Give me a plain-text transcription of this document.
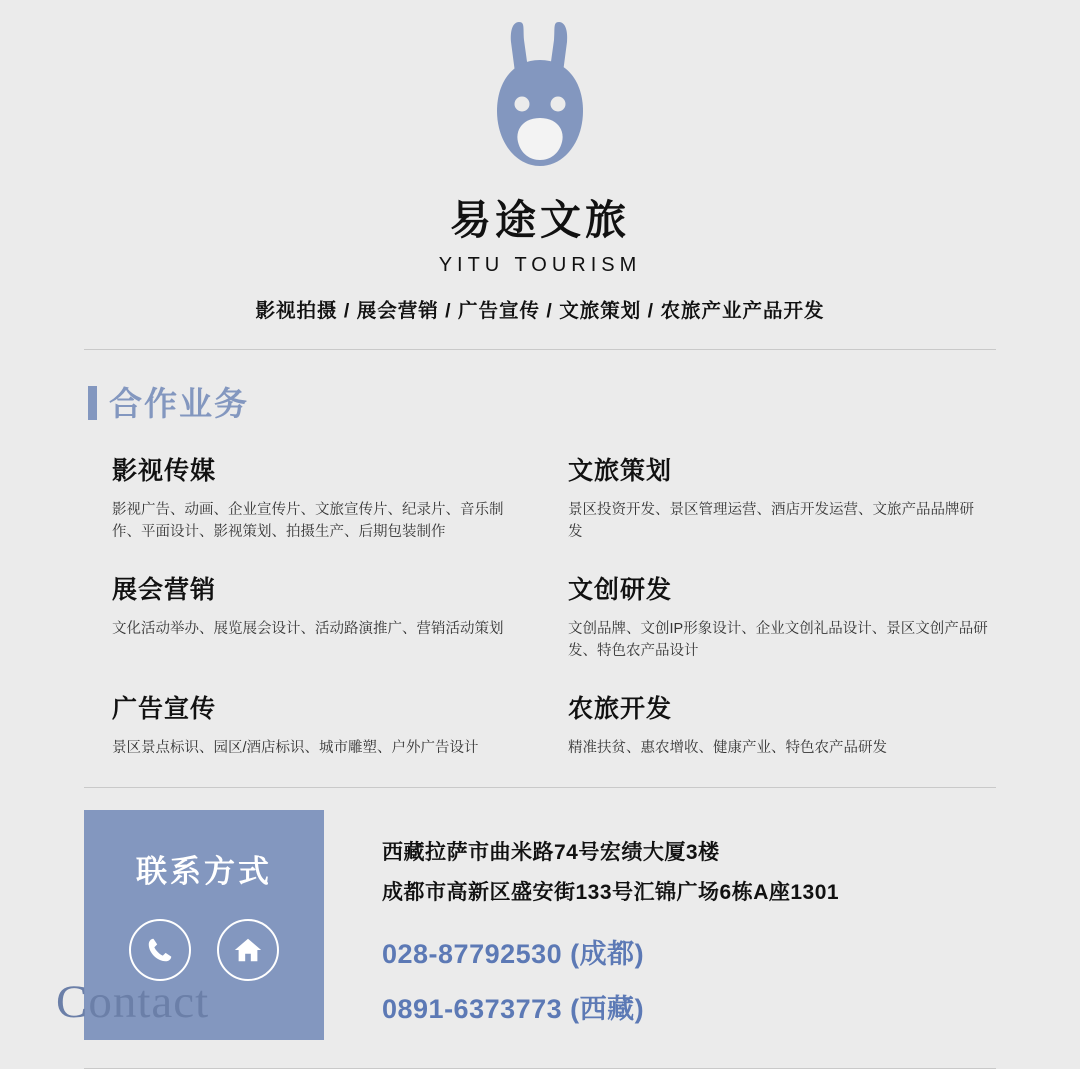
易途文旅
YITU TOURISM
影视拍摄 / 展会营销 / 广告宣传 / 文旅策划 / 农旅产业产品开发
合作业务
影视传媒
影视广告、动画、企业宣传片、文旅宣传片、纪录片、音乐制作、平面设计、影视策划、拍摄生产、后期包装制作
文旅策划
景区投资开发、景区管理运营、酒店开发运营、文旅产品品牌研发
展会营销
文化活动举办、展览展会设计、活动路演推广、营销活动策划
文创研发
文创品牌、文创IP形象设计、企业文创礼品设计、景区文创产品研发、特色农产品设计
广告宣传
景区景点标识、园区/酒店标识、城市雕塑、户外广告设计
农旅开发
精准扶贫、惠农增收、健康产业、特色农产品研发
联系方式
西藏拉萨市曲米路74号宏绩大厦3楼
成都市高新区盛安街133号汇锦广场6栋A座1301
028-87792530 (成都)
0891-6373773 (西藏)
Contact
